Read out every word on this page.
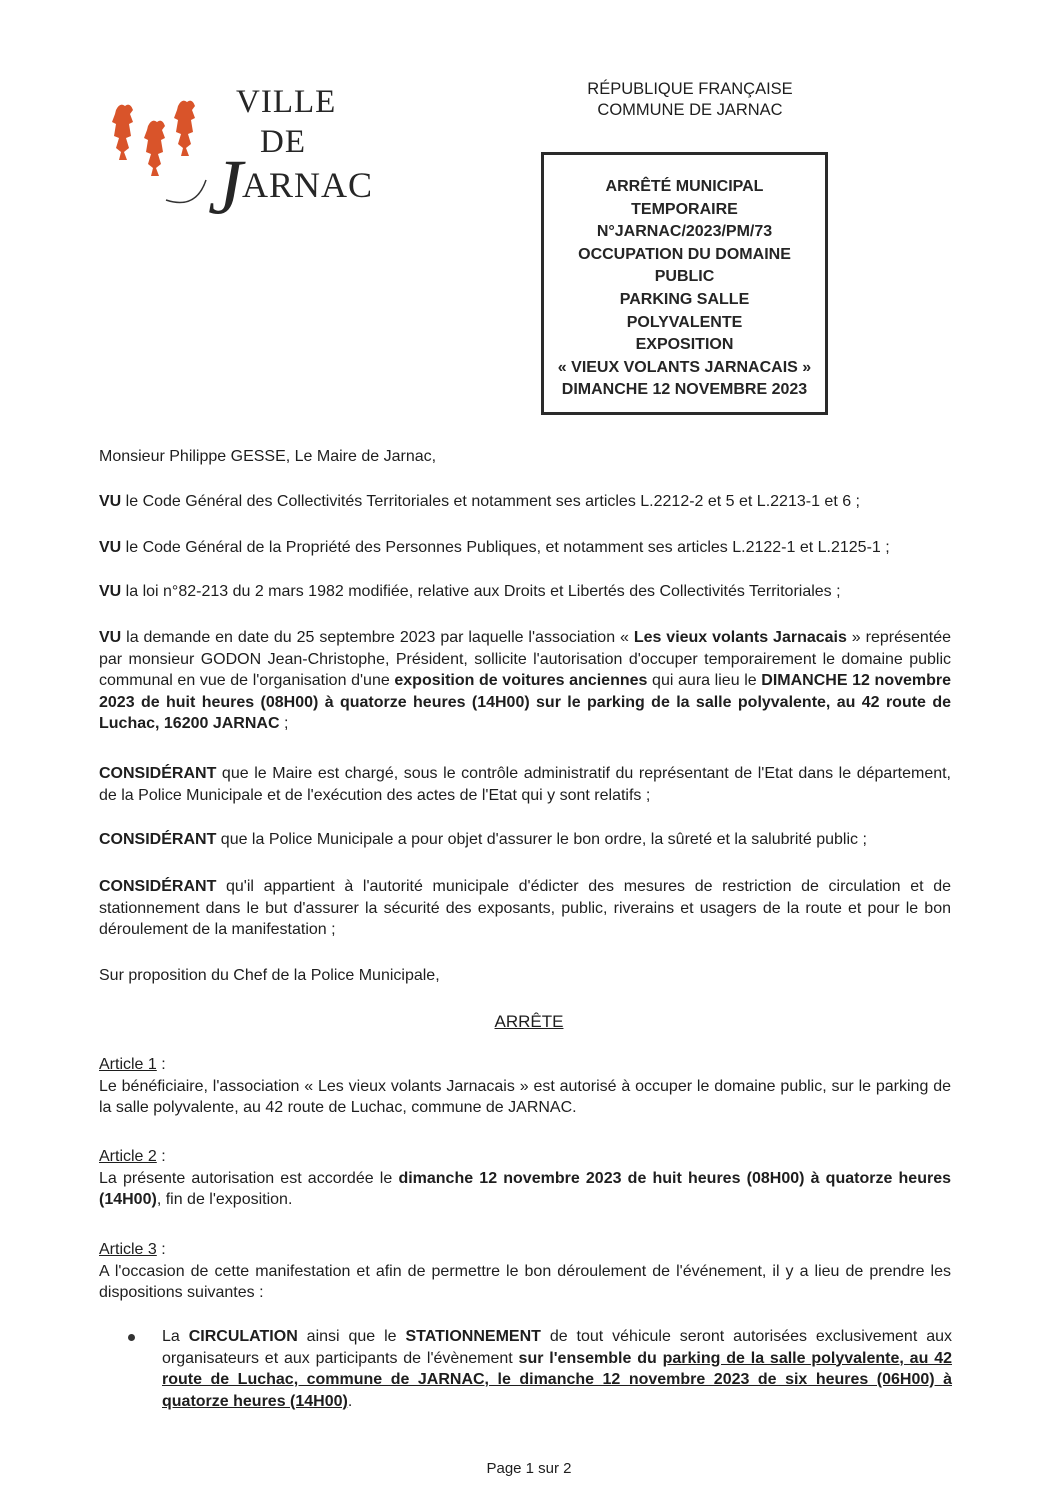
VILLE
DE
J
ARNAC
RÉPUBLIQUE FRANÇAISE
COMMUNE DE JARNAC
ARRÊTÉ MUNICIPAL
TEMPORAIRE
N°JARNAC/2023/PM/73
OCCUPATION DU DOMAINE
PUBLIC
PARKING SALLE
POLYVALENTE
EXPOSITION
« VIEUX VOLANTS JARNACAIS »
DIMANCHE 12 NOVEMBRE 2023
Monsieur Philippe GESSE, Le Maire de Jarnac,
VU le Code Général des Collectivités Territoriales et notamment ses articles L.2212-2 et 5 et L.2213-1 et 6 ;
VU le Code Général de la Propriété des Personnes Publiques, et notamment ses articles L.2122-1 et L.2125-1 ;
VU la loi n°82-213 du 2 mars 1982 modifiée, relative aux Droits et Libertés des Collectivités Territoriales ;
VU la demande en date du 25 septembre 2023 par laquelle l'association « Les vieux volants Jarnacais » représentée par monsieur GODON Jean-Christophe, Président, sollicite l'autorisation d'occuper temporairement le domaine public communal en vue de l'organisation d'une exposition de voitures anciennes qui aura lieu le DIMANCHE 12 novembre 2023 de huit heures (08H00) à quatorze heures (14H00) sur le parking de la salle polyvalente, au 42 route de Luchac, 16200 JARNAC ;
CONSIDÉRANT que le Maire est chargé, sous le contrôle administratif du représentant de l'Etat dans le département, de la Police Municipale et de l'exécution des actes de l'Etat qui y sont relatifs ;
CONSIDÉRANT que la Police Municipale a pour objet d'assurer le bon ordre, la sûreté et la salubrité public ;
CONSIDÉRANT qu'il appartient à l'autorité municipale d'édicter des mesures de restriction de circulation et de stationnement dans le but d'assurer la sécurité des exposants, public, riverains et usagers de la route et pour le bon déroulement de la manifestation ;
Sur proposition du Chef de la Police Municipale,
ARRÊTE
Article 1 :
Le bénéficiaire, l'association « Les vieux volants Jarnacais » est autorisé à occuper le domaine public, sur le parking de la salle polyvalente, au 42 route de Luchac, commune de JARNAC.
Article 2 :
La présente autorisation est accordée le dimanche 12 novembre 2023 de huit heures (08H00) à quatorze heures (14H00), fin de l'exposition.
Article 3 :
A l'occasion de cette manifestation et afin de permettre le bon déroulement de l'événement, il y a lieu de prendre les dispositions suivantes :
La CIRCULATION ainsi que le STATIONNEMENT de tout véhicule seront autorisées exclusivement aux organisateurs et aux participants de l'évènement sur l'ensemble du parking de la salle polyvalente, au 42 route de Luchac, commune de JARNAC, le dimanche 12 novembre 2023 de six heures (06H00) à quatorze heures (14H00).
Page 1 sur 2
